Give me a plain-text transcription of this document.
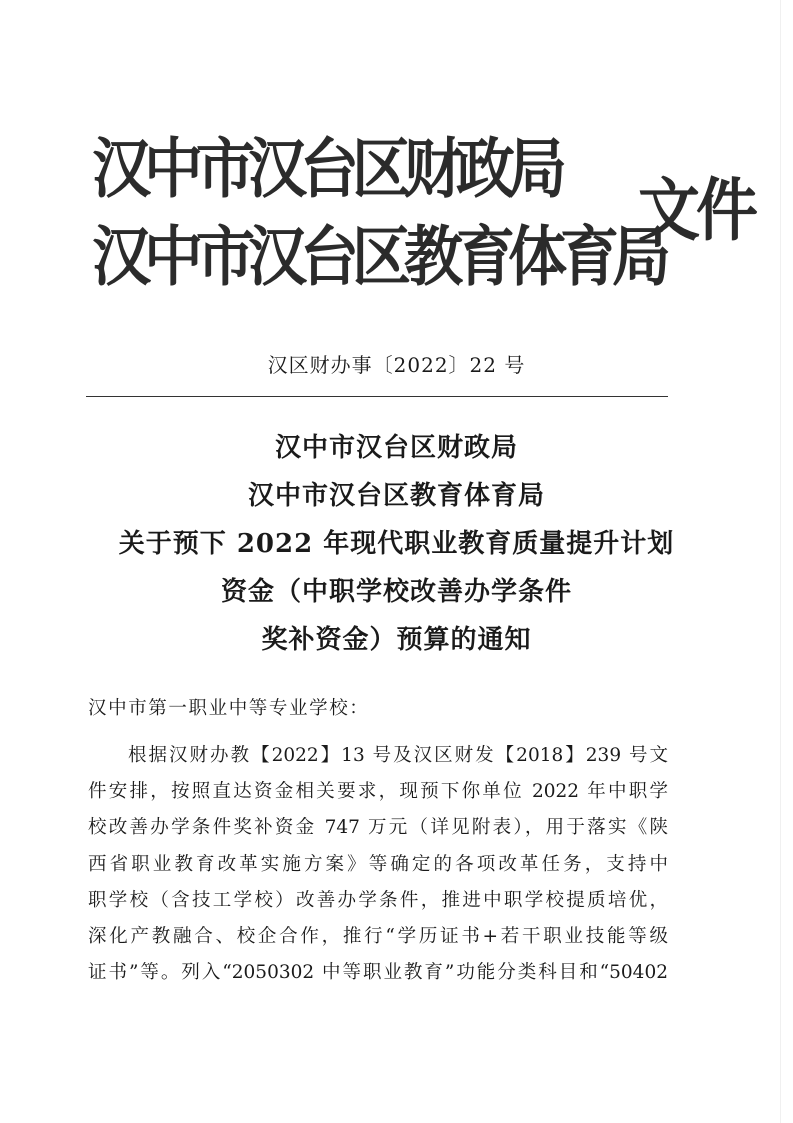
汉中市汉台区财政局
汉中市汉台区教育体育局
文件
汉区财办事〔2022〕22 号
汉中市汉台区财政局
汉中市汉台区教育体育局
关于预下 2022 年现代职业教育质量提升计划
资金（中职学校改善办学条件
奖补资金）预算的通知
汉中市第一职业中等专业学校：
根据汉财办教【2022】13 号及汉区财发【2018】239 号文
件安排，按照直达资金相关要求，现预下你单位 2022 年中职学
校改善办学条件奖补资金 747 万元（详见附表），用于落实《陕
西省职业教育改革实施方案》等确定的各项改革任务，支持中
职学校（含技工学校）改善办学条件，推进中职学校提质培优，
深化产教融合、校企合作，推行“学历证书+若干职业技能等级
证书”等。列入“2050302 中等职业教育”功能分类科目和“50402
